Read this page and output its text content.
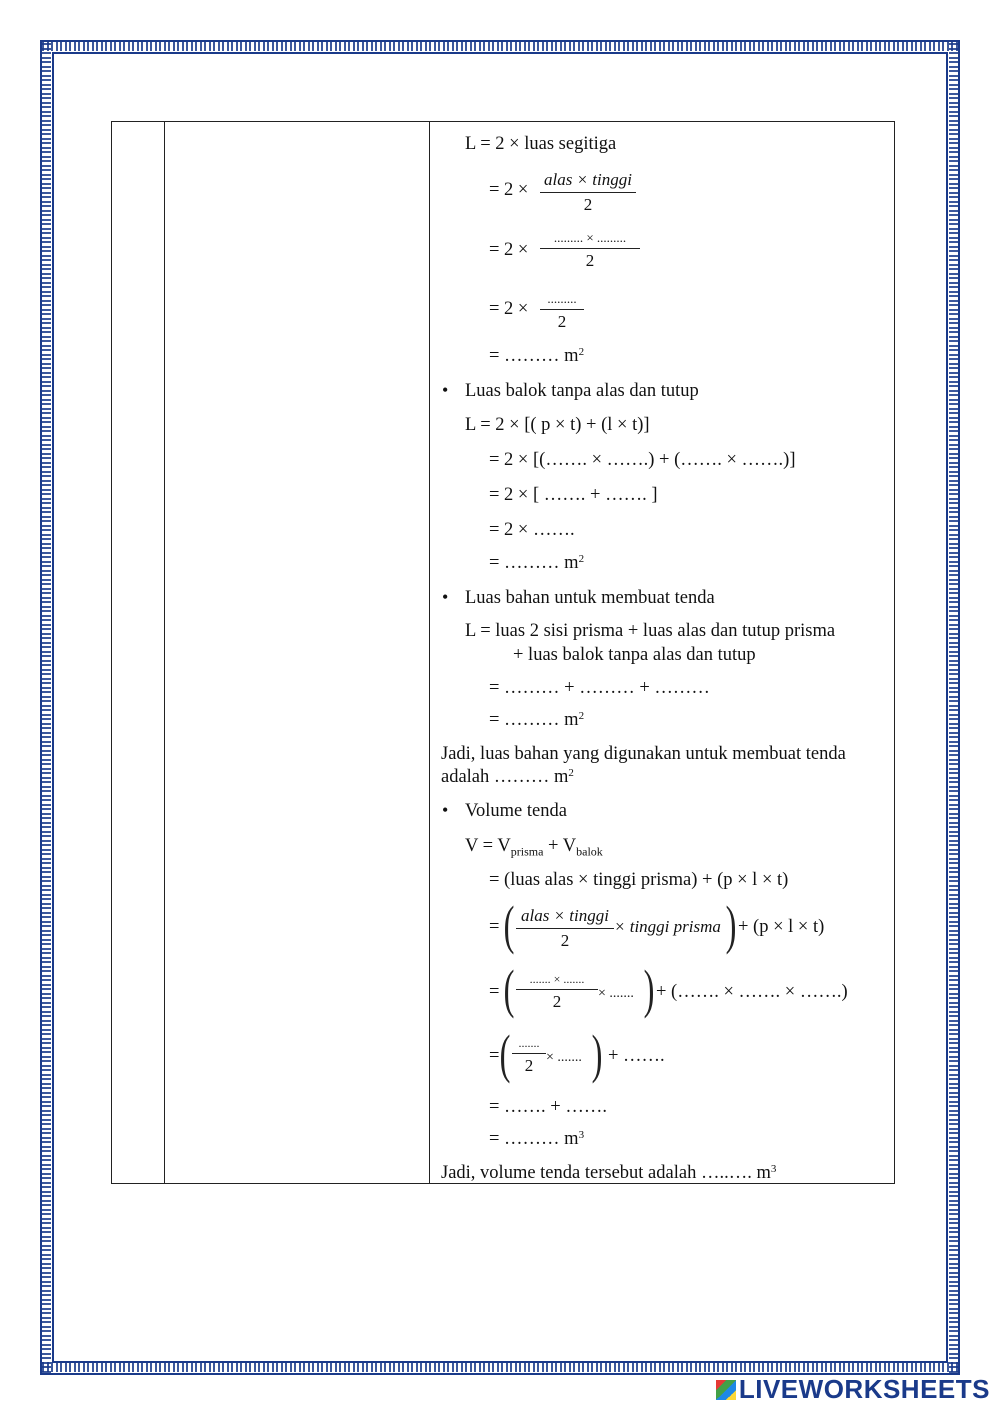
L = 2 × luas segitiga
= 2 ×
alas × tinggi
2
= 2 ×
......... × .........
2
= 2 ×
.........
2
= ……… $m^2$
• Luas balok tanpa alas dan tutup
L = 2 × [( p × t) + (l × t)]
= 2 × [(……. × …….) + (……. × …….)]
= 2 × [ ……. + ……. ]
= 2 × …….
= ……… $m^2$
• Luas bahan untuk membuat tenda
L = luas 2 sisi prisma + luas alas dan tutup prisma
+ luas balok tanpa alas dan tutup
= ……… + ……… + ………
= ……… $m^2$
Jadi, luas bahan yang digunakan untuk membuat tenda
adalah ……… $m^2$
• Volume tenda
$V = V_{prisma} + V_{balok}$
= (luas alas × tinggi prisma) + (p × l × t)
= ( alas × tinggi
2
× tinggi prisma ) + (p × l × t)
= (	....... × .......
2	× ....... ) + (……. × ……. × …….)
= ( .......
2 × ....... ) + …….
= ……. + …….
= ……… $m^3$
Jadi, volume tenda tersebut adalah …..…. $m^3$
LIVEWORKSHEETS
